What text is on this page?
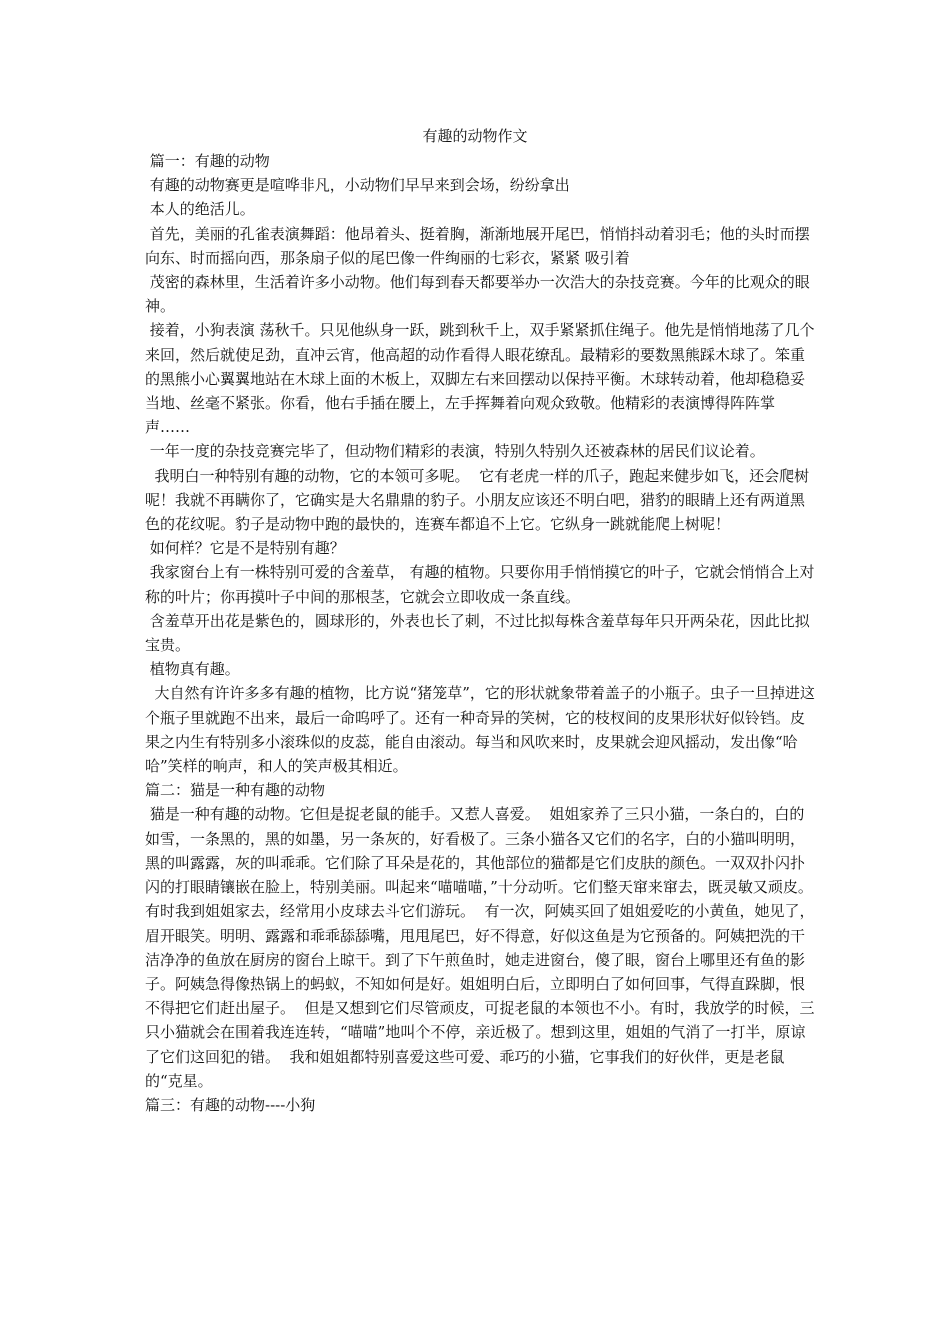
有趣的动物作文

篇一：有趣的动物

有趣的动物赛更是喧哗非凡，小动物们早早来到会场，纷纷拿出

本人的绝活儿。

首先，美丽的孔雀表演舞蹈：他昂着头、挺着胸，渐渐地展开尾巴，悄悄抖动着羽毛；他的头时而摆向东、时而摇向西，那条扇子似的尾巴像一件绚丽的七彩衣，紧紧 吸引着

茂密的森林里，生活着许多小动物。他们每到春天都要举办一次浩大的杂技竞赛。今年的比观众的眼神。

接着，小狗表演 荡秋千。只见他纵身一跃，跳到秋千上，双手紧紧抓住绳子。他先是悄悄地荡了几个来回，然后就使足劲，直冲云宵，他高超的动作看得人眼花缭乱。最精彩的要数黑熊踩木球了。笨重的黑熊小心翼翼地站在木球上面的木板上，双脚左右来回摆动以保持平衡。木球转动着，他却稳稳妥当地、丝毫不紧张。你看，他右手插在腰上，左手挥舞着向观众致敬。他精彩的表演博得阵阵掌声……

一年一度的杂技竞赛完毕了，但动物们精彩的表演，特别久特别久还被森林的居民们议论着。

我明白一种特别有趣的动物，它的本领可多呢。  它有老虎一样的爪子，跑起来健步如飞，还会爬树呢！我就不再瞒你了，它确实是大名鼎鼎的豹子。小朋友应该还不明白吧，猎豹的眼睛上还有两道黑色的花纹呢。豹子是动物中跑的最快的，连赛车都追不上它。它纵身一跳就能爬上树呢！

如何样？它是不是特别有趣？

我家窗台上有一株特别可爱的含羞草， 有趣的植物。只要你用手悄悄摸它的叶子，它就会悄悄合上对称的叶片；你再摸叶子中间的那根茎，它就会立即收成一条直线。

含羞草开出花是紫色的，圆球形的，外表也长了刺，不过比拟每株含羞草每年只开两朵花，因此比拟宝贵。

植物真有趣。

大自然有许许多多有趣的植物，比方说“猪笼草”，它的形状就象带着盖子的小瓶子。虫子一旦掉进这个瓶子里就跑不出来，最后一命呜呼了。还有一种奇异的笑树，它的枝杈间的皮果形状好似铃铛。皮果之内生有特别多小滚珠似的皮蕊，能自由滚动。每当和风吹来时，皮果就会迎风摇动，发出像“哈哈”笑样的响声，和人的笑声极其相近。

篇二：猫是一种有趣的动物

猫是一种有趣的动物。它但是捉老鼠的能手。又惹人喜爱。  姐姐家养了三只小猫，一条白的，白的如雪，一条黑的，黑的如墨，另一条灰的，好看极了。三条小猫各又它们的名字，白的小猫叫明明，黑的叫露露，灰的叫乖乖。它们除了耳朵是花的，其他部位的猫都是它们皮肤的颜色。一双双扑闪扑闪的打眼睛镶嵌在脸上，特别美丽。叫起来“喵喵喵，”十分动听。它们整天窜来窜去，既灵敏又顽皮。有时我到姐姐家去，经常用小皮球去斗它们游玩。  有一次，阿姨买回了姐姐爱吃的小黄鱼，她见了，眉开眼笑。明明、露露和乖乖舔舔嘴，甩甩尾巴，好不得意，好似这鱼是为它预备的。阿姨把洗的干洁净净的鱼放在厨房的窗台上晾干。到了下午煎鱼时，她走进窗台，傻了眼，窗台上哪里还有鱼的影子。阿姨急得像热锅上的蚂蚁，不知如何是好。姐姐明白后，立即明白了如何回事，气得直跺脚，恨不得把它们赶出屋子。  但是又想到它们尽管顽皮，可捉老鼠的本领也不小。有时，我放学的时候，三只小猫就会在围着我连连转，“喵喵”地叫个不停，亲近极了。想到这里，姐姐的气消了一打半，原谅了它们这回犯的错。  我和姐姐都特别喜爱这些可爱、乖巧的小猫，它事我们的好伙伴，更是老鼠的“克星。

篇三：有趣的动物----小狗
